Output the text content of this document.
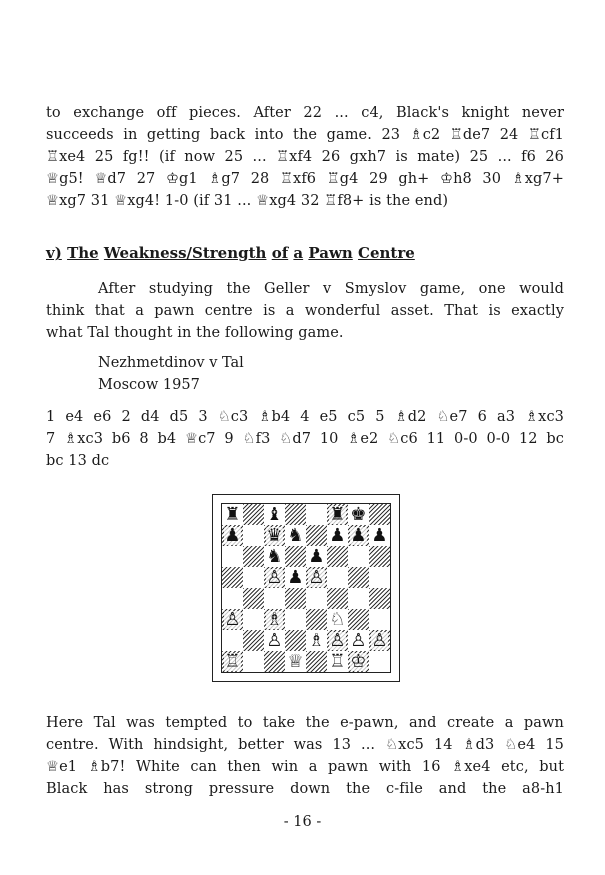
to exchange off pieces. After 22 ... c4, Black's knight never
succeeds in getting back into the game. 23 ♗c2 ♖de7 24 ♖cf1
♖xe4 25 fg!! (if now 25 ... ♖xf4 26 gxh7 is mate) 25 ... f6 26
♕g5! ♕d7 27 ♔g1 ♗g7 28 ♖xf6 ♖g4 29 gh+ ♔h8 30 ♗xg7+
♕xg7 31 ♕xg4! 1-0 (if 31 ... ♕xg4 32 ♖f8+ is the end)
v) The Weakness/Strength of a Pawn Centre
After studying the Geller v Smyslov game, one would
think that a pawn centre is a wonderful asset. That is exactly
what Tal thought in the following game.
Nezhmetdinov v Tal
Moscow 1957
1 e4 e6 2 d4 d5 3 ♘c3 ♗b4 4 e5 c5 5 ♗d2 ♘e7 6 a3 ♗xc3
7 ♗xc3 b6 8 b4 ♕c7 9 ♘f3 ♘d7 10 ♗e2 ♘c6 11 0-0 0-0 12 bc
bc 13 dc
♜ ♝	♜ ♚
♟ ♛ ♞ ♟ ♟ ♟
♞ ♟
♙ ♟ ♙
♙ ♗	♘
♙ ♗ ♙ ♙ ♙
♖	♕ ♖ ♔
Here Tal was tempted to take the e-pawn, and create a pawn
centre. With hindsight, better was 13 ... ♘xc5 14 ♗d3 ♘e4 15
♕e1 ♗b7! White can then win a pawn with 16 ♗xe4 etc, but
Black has strong pressure down the c-file and the a8-h1
- 16 -
